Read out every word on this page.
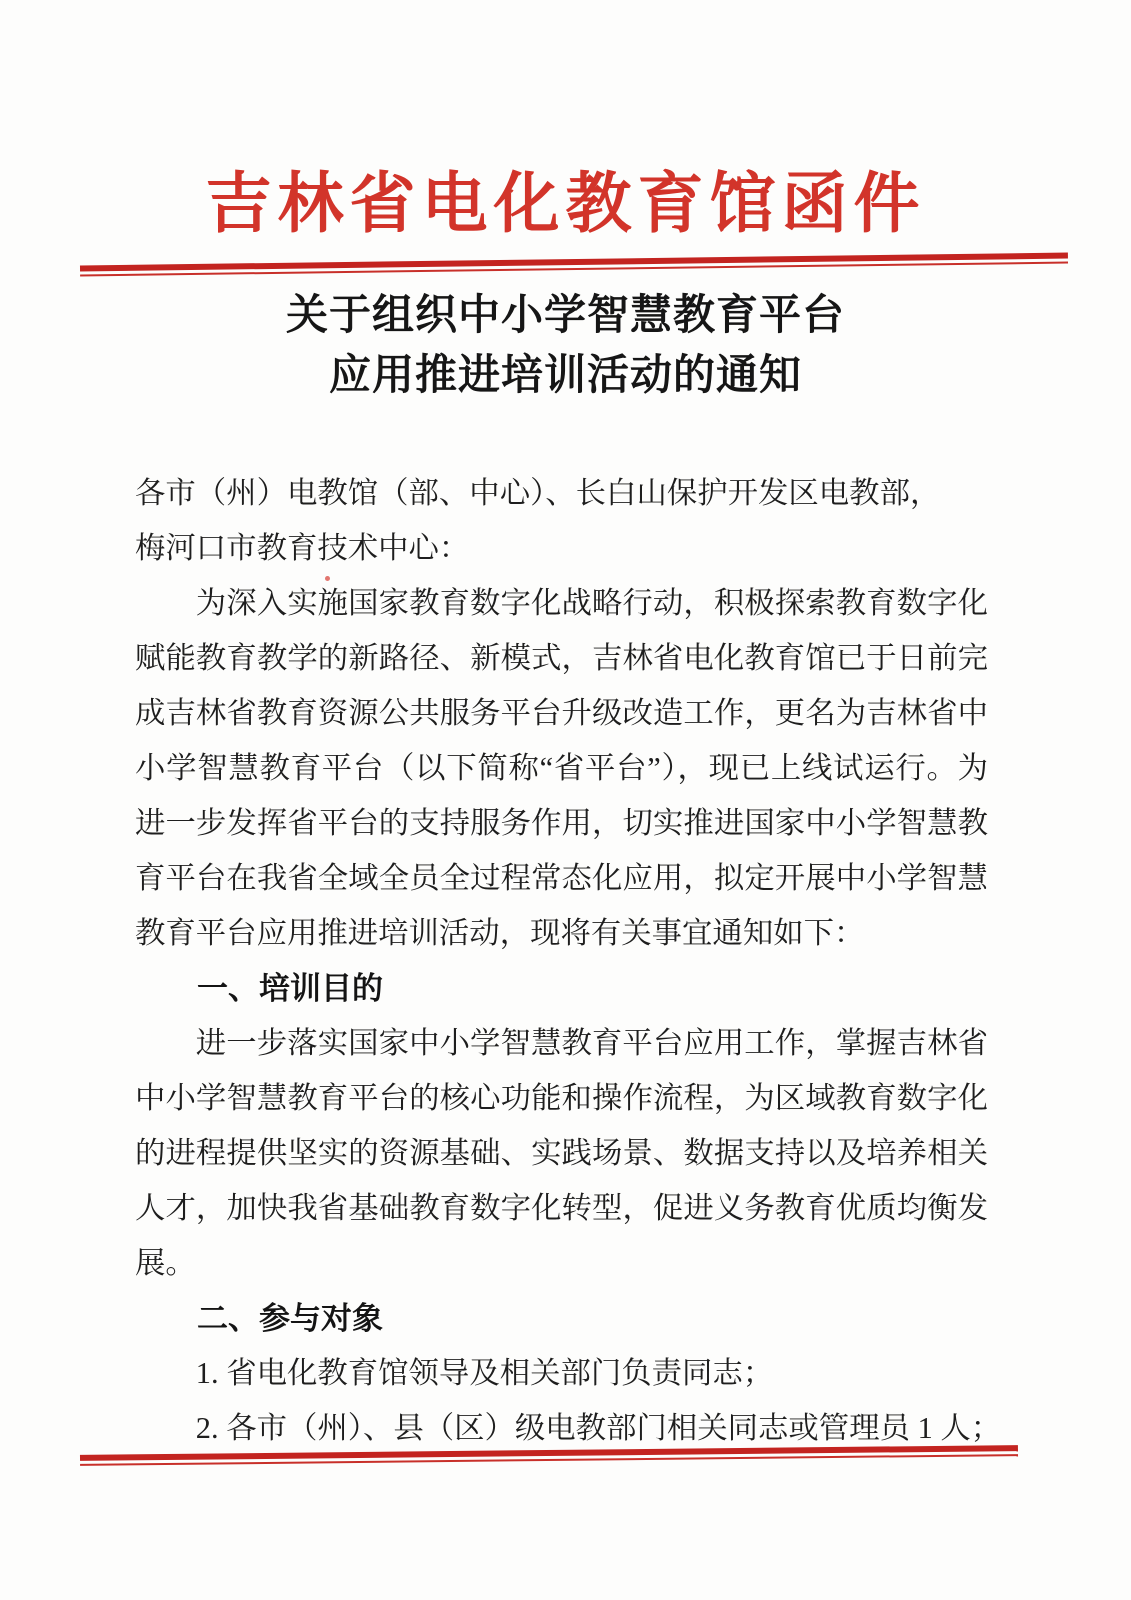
吉林省电化教育馆函件
关于组织中小学智慧教育平台
应用推进培训活动的通知
各市（州）电教馆（部、中心）、长白山保护开发区电教部，
梅河口市教育技术中心：

为深入实施国家教育数字化战略行动，积极探索教育数字化赋能教育教学的新路径、新模式，吉林省电化教育馆已于日前完成吉林省教育资源公共服务平台升级改造工作，更名为吉林省中小学智慧教育平台（以下简称“省平台”），现已上线试运行。为进一步发挥省平台的支持服务作用，切实推进国家中小学智慧教育平台在我省全域全员全过程常态化应用，拟定开展中小学智慧教育平台应用推进培训活动，现将有关事宜通知如下：

一、培训目的

进一步落实国家中小学智慧教育平台应用工作，掌握吉林省中小学智慧教育平台的核心功能和操作流程，为区域教育数字化的进程提供坚实的资源基础、实践场景、数据支持以及培养相关人才，加快我省基础教育数字化转型，促进义务教育优质均衡发展。

二、参与对象
1. 省电化教育馆领导及相关部门负责同志；
2. 各市（州）、县（区）级电教部门相关同志或管理员 1 人；
